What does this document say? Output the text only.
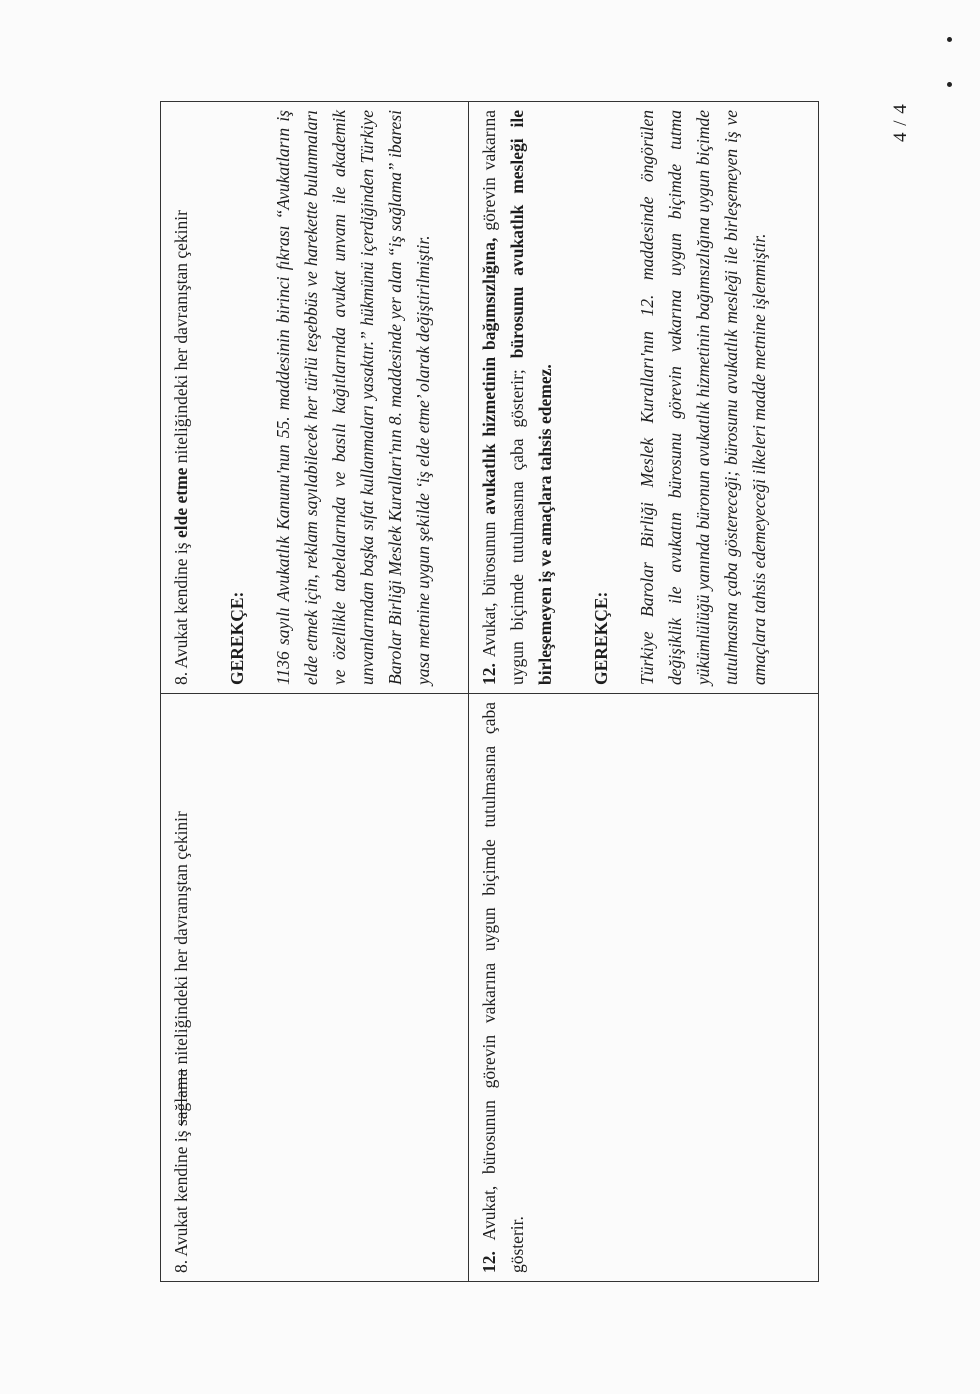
8. Avukat kendine iş sağlama niteliğindeki her davranıştan çekinir	8. Avukat kendine iş elde etme niteliğindeki her davranıştan çekinir
GEREKÇE: 1136 sayılı Avukatlık Kanunu'nun 55. maddesinin birinci fıkrası “Avukatların iş elde etmek için, reklam sayılabilecek her türlü teşebbüs ve harekette bulunmaları ve özellikle tabelalarında ve basılı kağıtlarında avukat unvanı ile akademik unvanlarından başka sıfat kullanmaları yasaktır.” hükmünü içerdiğinden Türkiye Barolar Birliği Meslek Kuralları'nın 8. maddesinde yer alan “iş sağlama” ibaresi yasa metnine uygun şekilde ‘iş elde etme’ olarak değiştirilmiştir.

12. Avukat, bürosunun görevin vakarına uygun biçimde tutulmasına çaba gösterir.	12. Avukat, bürosunun avukatlık hizmetinin bağımsızlığına, görevin vakarına uygun biçimde tutulmasına çaba gösterir; bürosunu avukatlık mesleği ile birleşemeyen iş ve amaçlara tahsis edemez. GEREKÇE: Türkiye Barolar Birliği Meslek Kuralları'nın 12. maddesinde öngörülen değişiklik ile avukatın bürosunu görevin vakarına uygun biçimde tutma yükümlülüğü yanında büronun avukatlık hizmetinin bağımsızlığına uygun biçimde tutulmasına çaba göstereceği; bürosunu avukatlık mesleği ile birleşemeyen iş ve amaçlara tahsis edemeyeceği ilkeleri madde metnine işlenmiştir.
4 / 4
